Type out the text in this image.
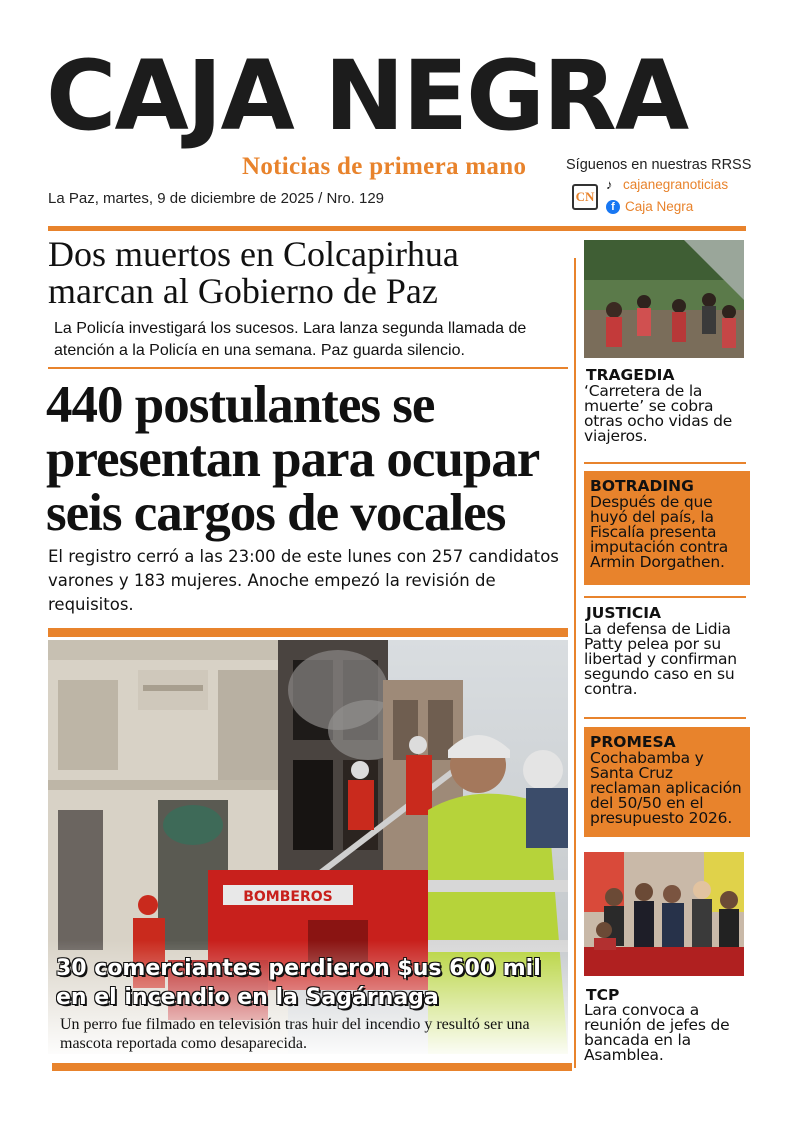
CAJA NEGRA
Noticias de primera mano
La Paz, martes, 9 de diciembre de 2025 / Nro. 129
Síguenos en nuestras RRSS
CN
♪ cajanegranoticias
f Caja Negra
Dos muertos en Colcapirhua marcan al Gobierno de Paz
La Policía investigará los sucesos. Lara lanza segunda llamada de atención a la Policía en una semana. Paz guarda silencio.
440 postulantes se presentan para ocupar seis cargos de vocales
El registro cerró a las 23:00 de este lunes con 257 candidatos varones y 183 mujeres. Anoche empezó la revisión de requisitos.
BOMBEROS
30 comerciantes perdieron $us 600 mil en el incendio en la Sagárnaga
Un perro fue filmado en televisión tras huir del incendio y resultó ser una mascota reportada como desaparecida.
TRAGEDIA
‘Carretera de la muerte’ se cobra otras ocho vidas de viajeros.
BOTRADING
Después de que huyó del país, la Fiscalía presenta imputación contra Armin Dorgathen.
JUSTICIA
La defensa de Lidia Patty pelea por su libertad y confirman segundo caso en su contra.
PROMESA
Cochabamba y Santa Cruz reclaman aplicación del 50/50 en el presupuesto 2026.
TCP
Lara convoca a reunión de jefes de bancada en la Asamblea.
